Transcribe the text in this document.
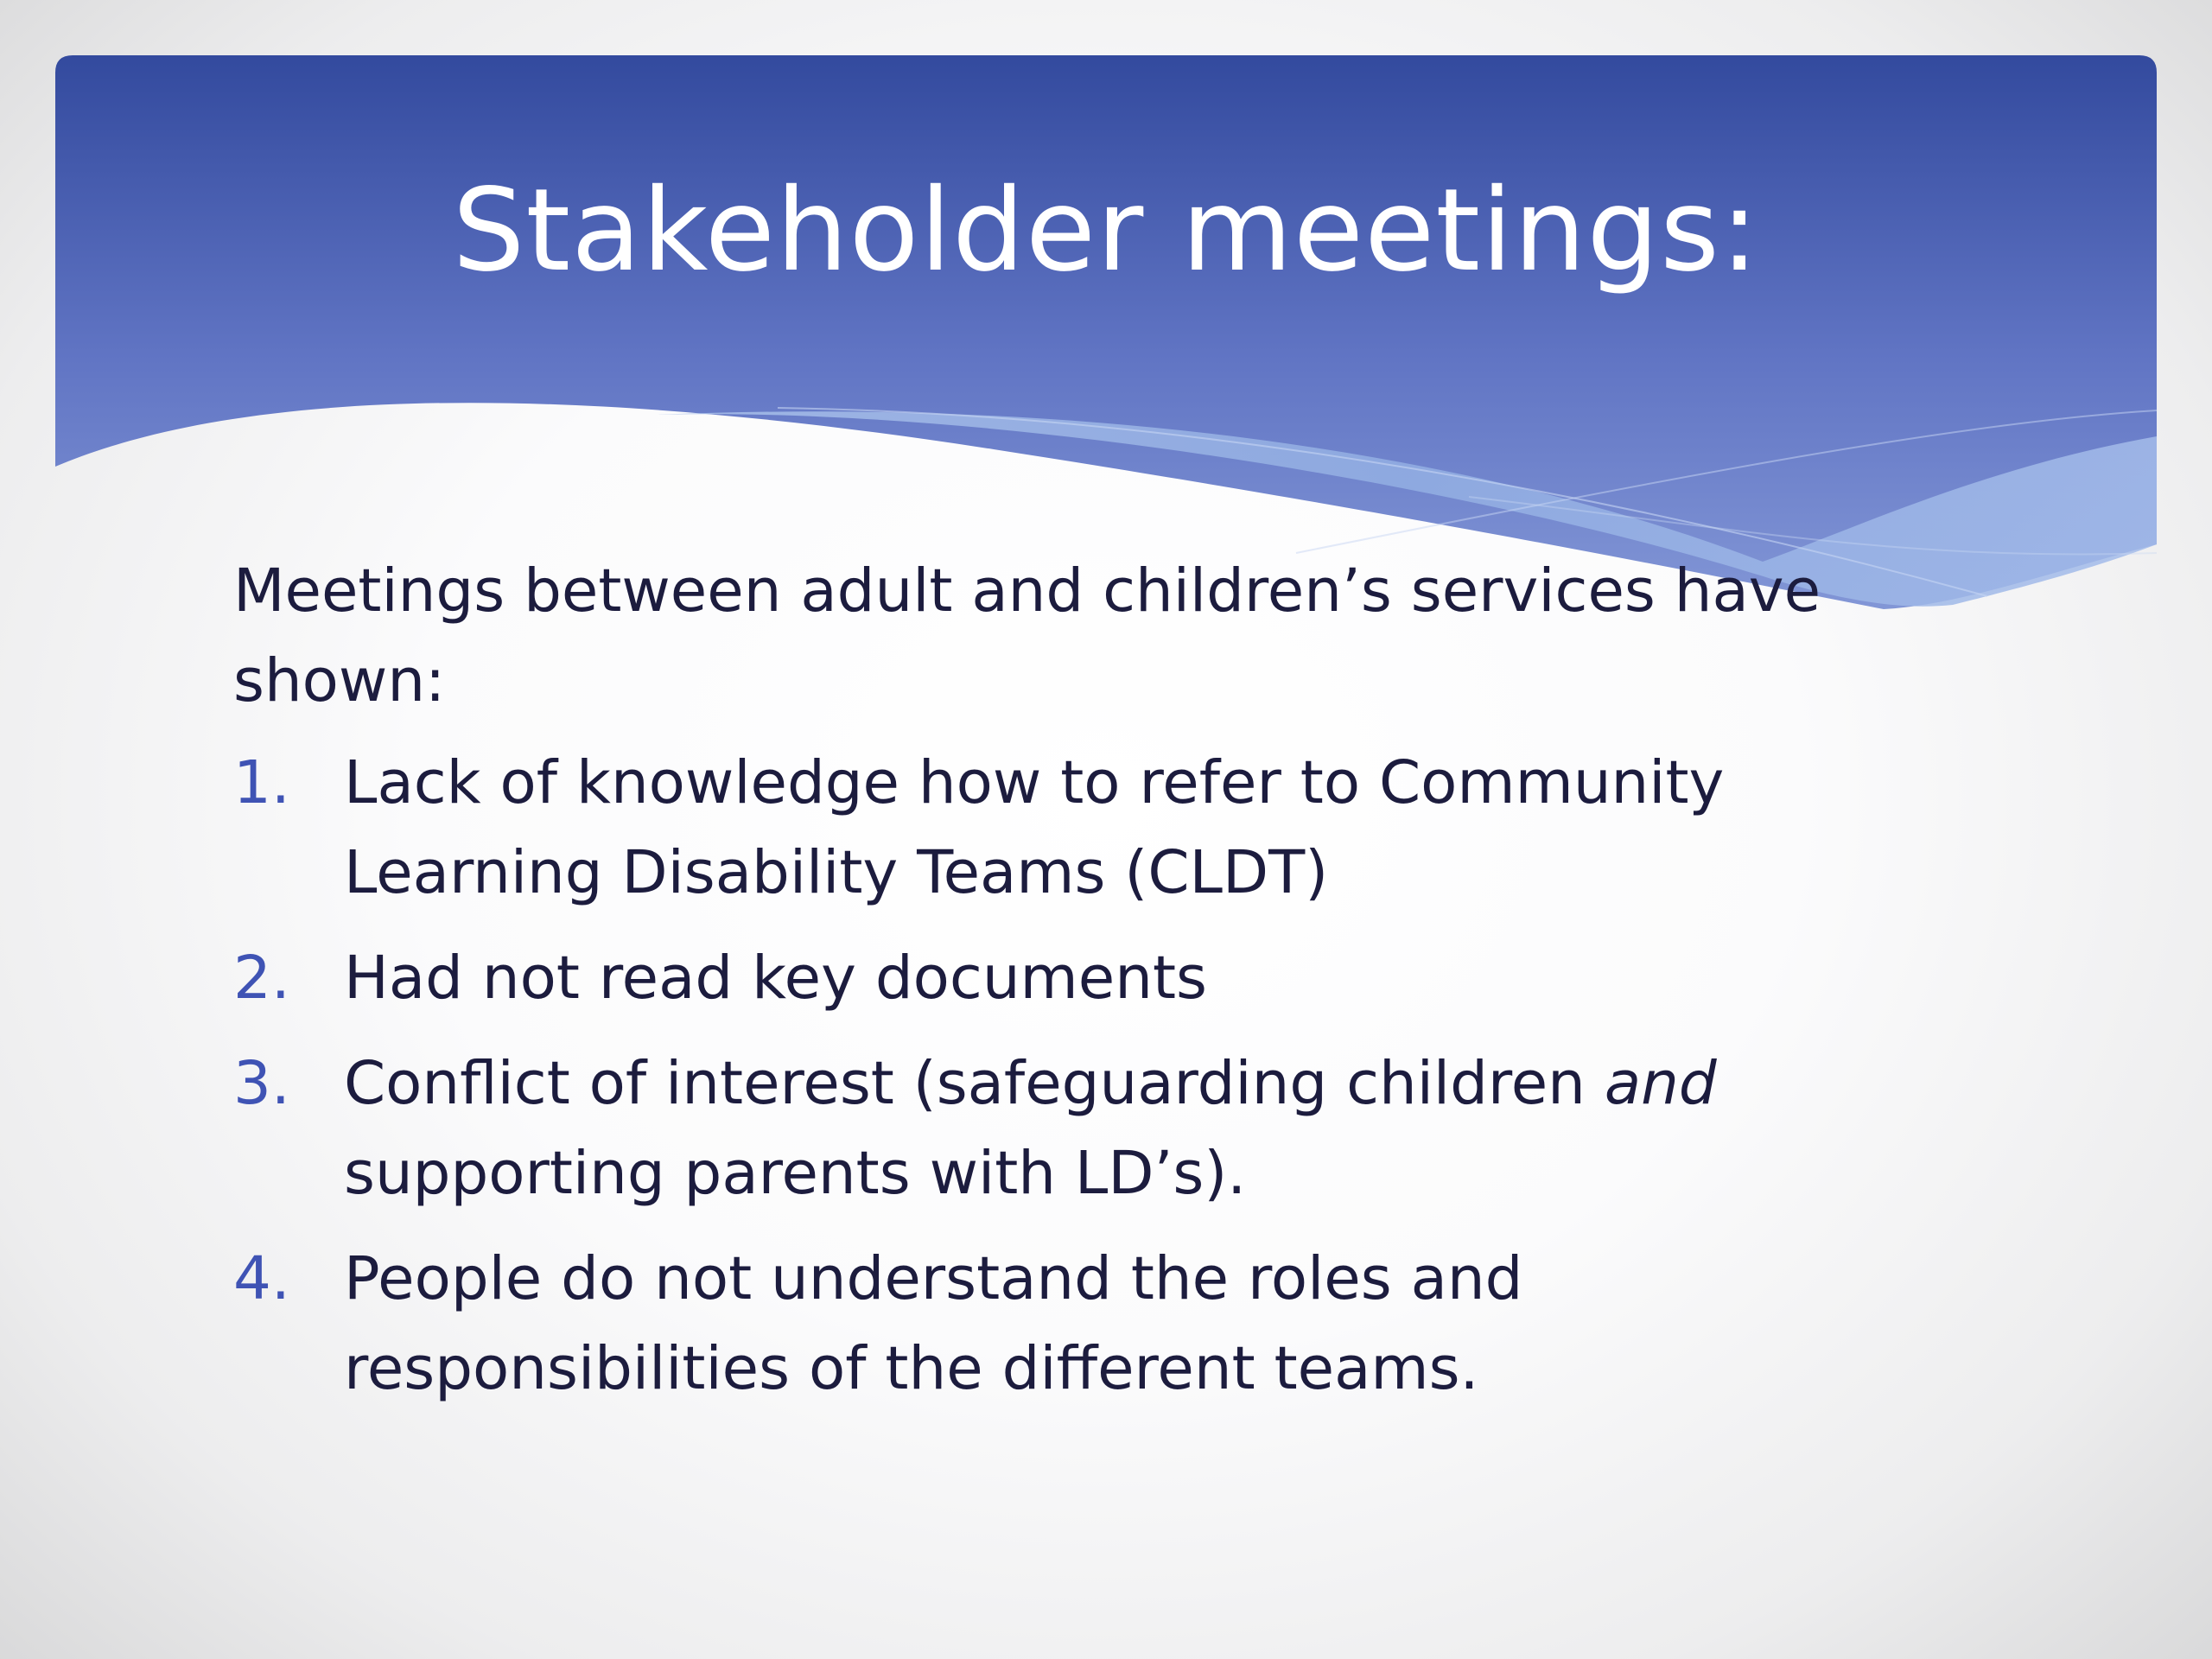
Stakeholder meetings:

Meetings between adult and children’s services have shown:

1. Lack of knowledge how to refer to Community Learning Disability Teams (CLDT)
2. Had not read key documents
3. Conflict of interest (safeguarding children and supporting parents with LD’s).
4. People do not understand the roles and responsibilities of the different teams.
